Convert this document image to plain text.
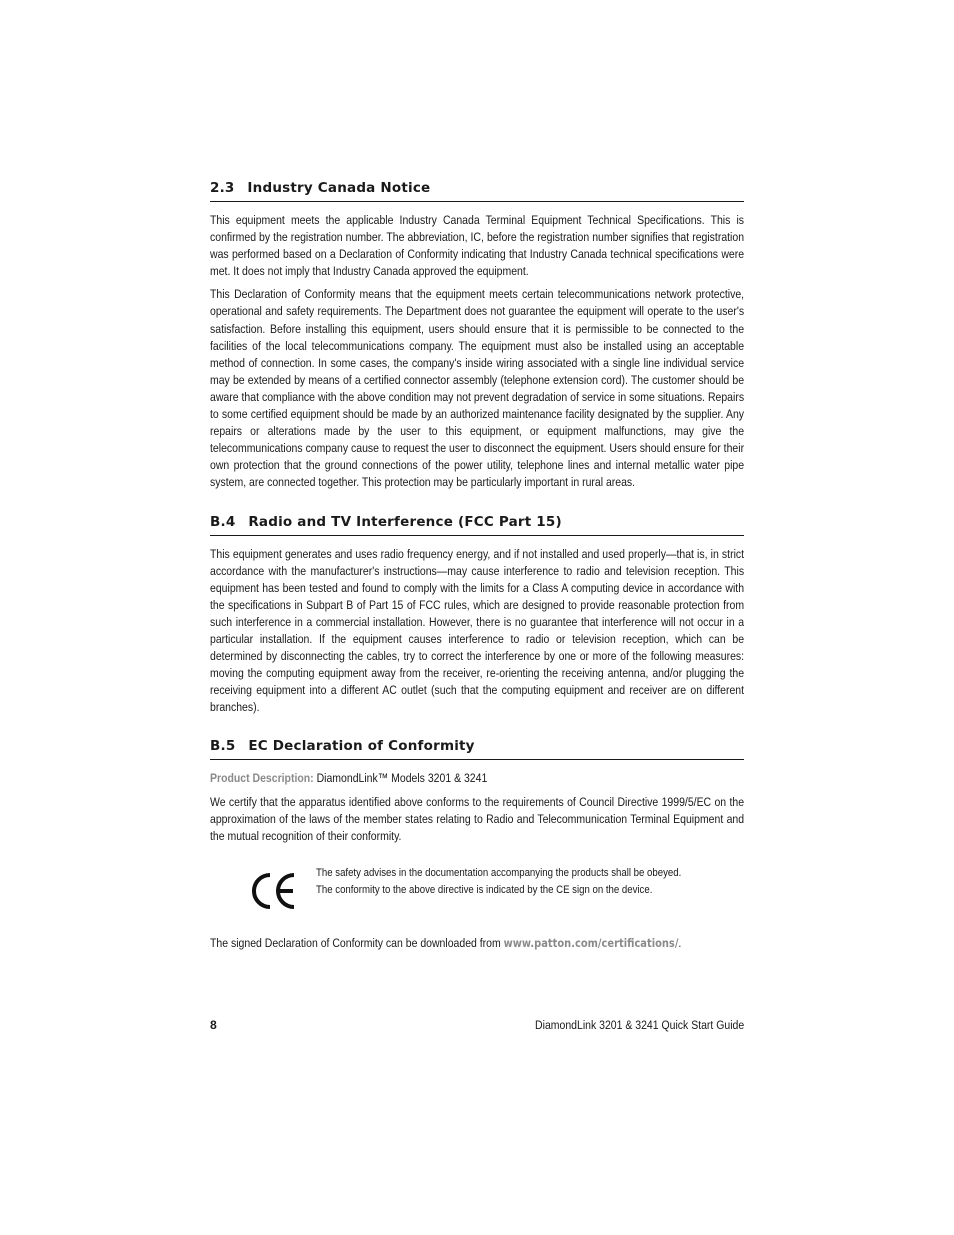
2.3 Industry Canada Notice

This equipment meets the applicable Industry Canada Terminal Equipment Technical Specifications. This is confirmed by the registration number. The abbreviation, IC, before the registration number signifies that registration was performed based on a Declaration of Conformity indicating that Industry Canada technical specifications were met. It does not imply that Industry Canada approved the equipment.

This Declaration of Conformity means that the equipment meets certain telecommunications network protective, operational and safety requirements. The Department does not guarantee the equipment will operate to the user's satisfaction. Before installing this equipment, users should ensure that it is permissible to be connected to the facilities of the local telecommunications company. The equipment must also be installed using an acceptable method of connection. In some cases, the company's inside wiring associated with a single line individual service may be extended by means of a certified connector assembly (telephone extension cord). The customer should be aware that compliance with the above condition may not prevent degradation of service in some situations. Repairs to some certified equipment should be made by an authorized maintenance facility designated by the supplier. Any repairs or alterations made by the user to this equipment, or equipment malfunctions, may give the telecommunications company cause to request the user to disconnect the equipment. Users should ensure for their own protection that the ground connections of the power utility, telephone lines and internal metallic water pipe system, are connected together. This protection may be particularly important in rural areas.

B.4 Radio and TV Interference (FCC Part 15)

This equipment generates and uses radio frequency energy, and if not installed and used properly—that is, in strict accordance with the manufacturer's instructions—may cause interference to radio and television reception. This equipment has been tested and found to comply with the limits for a Class A computing device in accordance with the specifications in Subpart B of Part 15 of FCC rules, which are designed to provide reasonable protection from such interference in a commercial installation. However, there is no guarantee that interference will not occur in a particular installation. If the equipment causes interference to radio or television reception, which can be determined by disconnecting the cables, try to correct the interference by one or more of the following measures: moving the computing equipment away from the receiver, re-orienting the receiving antenna, and/or plugging the receiving equipment into a different AC outlet (such that the computing equipment and receiver are on different branches).

B.5 EC Declaration of Conformity

Product Description: DiamondLink™ Models 3201 & 3241

We certify that the apparatus identified above conforms to the requirements of Council Directive 1999/5/EC on the approximation of the laws of the member states relating to Radio and Telecommunication Terminal Equipment and the mutual recognition of their conformity.

The safety advises in the documentation accompanying the products shall be obeyed. The conformity to the above directive is indicated by the CE sign on the device.

The signed Declaration of Conformity can be downloaded from www.patton.com/certifications/.

8	DiamondLink 3201 & 3241 Quick Start Guide
